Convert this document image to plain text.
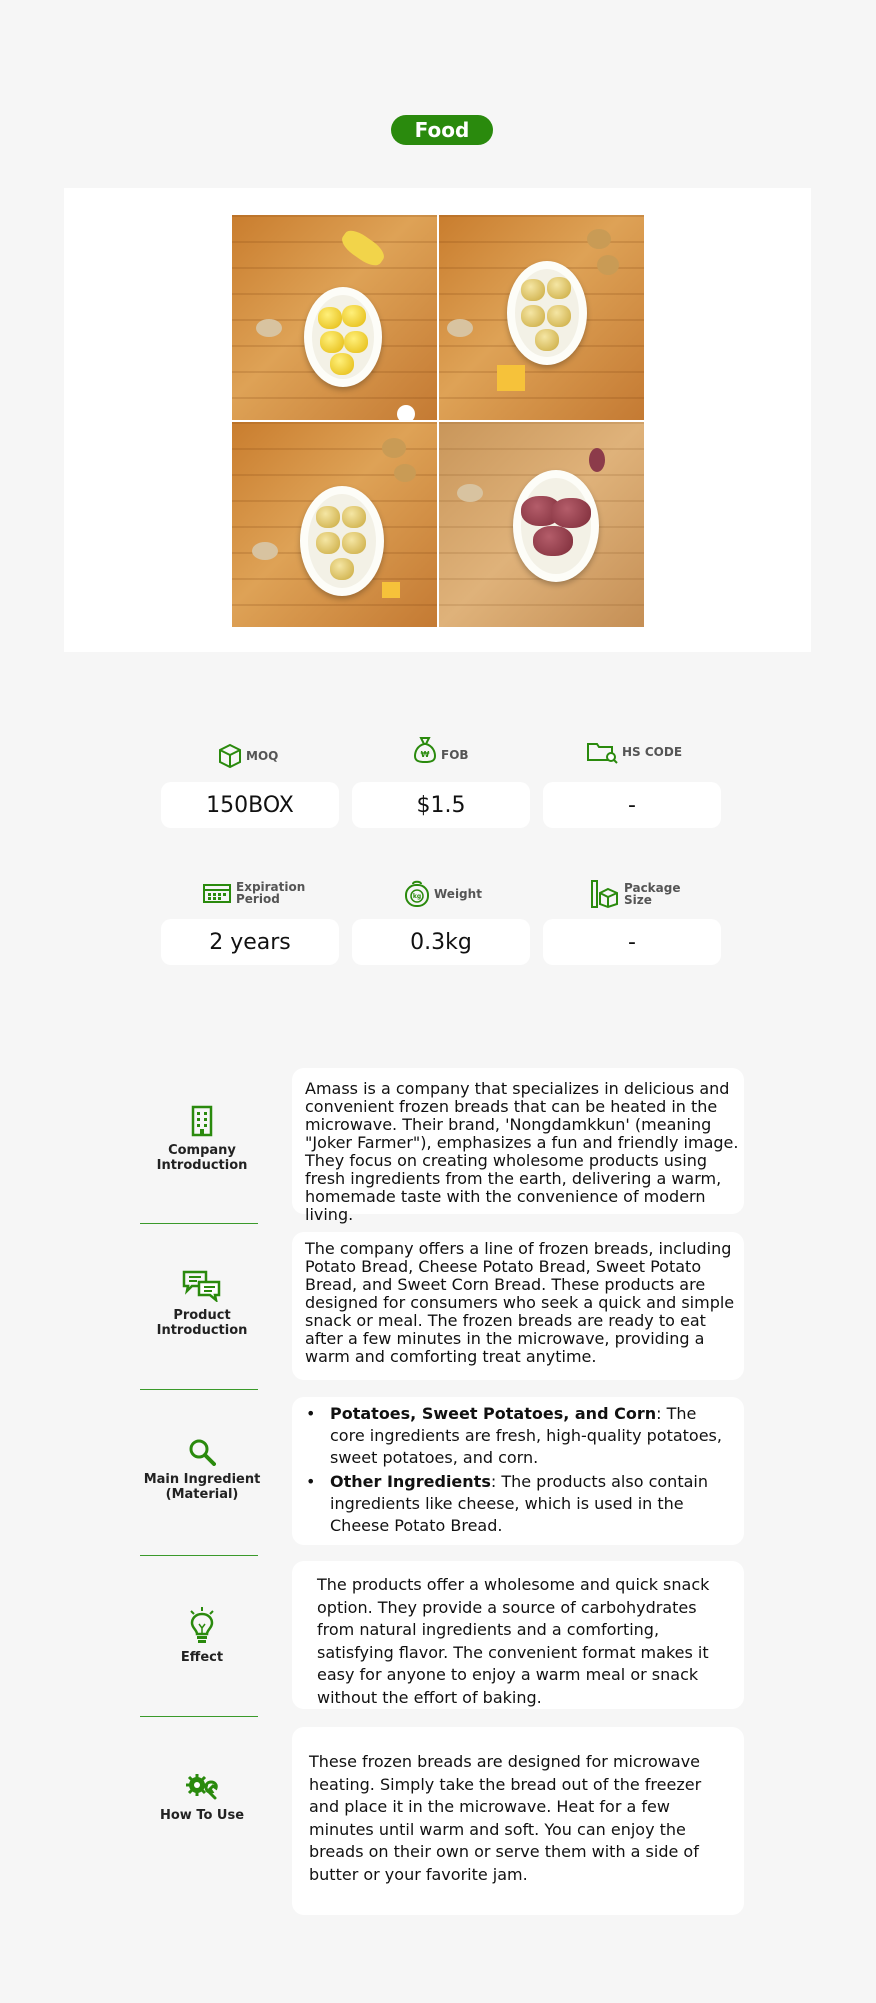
Food
MOQ
150BOX
₩ FOB
$1.5
HS CODE
-
Expiration
Period
2 years
kg Weight
0.3kg
Package
Size
-
Company
Introduction

Amass is a company that specializes in delicious and convenient frozen breads that can be heated in the microwave. Their brand, 'Nongdamkkun' (meaning "Joker Farmer"), emphasizes a fun and friendly image. They focus on creating wholesome products using fresh ingredients from the earth, delivering a warm, homemade taste with the convenience of modern living.

Product
Introduction

The company offers a line of frozen breads, including Potato Bread, Cheese Potato Bread, Sweet Potato Bread, and Sweet Corn Bread. These products are designed for consumers who seek a quick and simple snack or meal. The frozen breads are ready to eat after a few minutes in the microwave, providing a warm and comforting treat anytime.

Main Ingredient
(Material)
• Potatoes, Sweet Potatoes, and Corn: The core ingredients are fresh, high-quality potatoes, sweet potatoes, and corn.
• Other Ingredients: The products also contain ingredients like cheese, which is used in the Cheese Potato Bread.
Effect

The products offer a wholesome and quick snack option. They provide a source of carbohydrates from natural ingredients and a comforting, satisfying flavor. The convenient format makes it easy for anyone to enjoy a warm meal or snack without the effort of baking.

How To Use

These frozen breads are designed for microwave heating. Simply take the bread out of the freezer and place it in the microwave. Heat for a few minutes until warm and soft. You can enjoy the breads on their own or serve them with a side of butter or your favorite jam.
